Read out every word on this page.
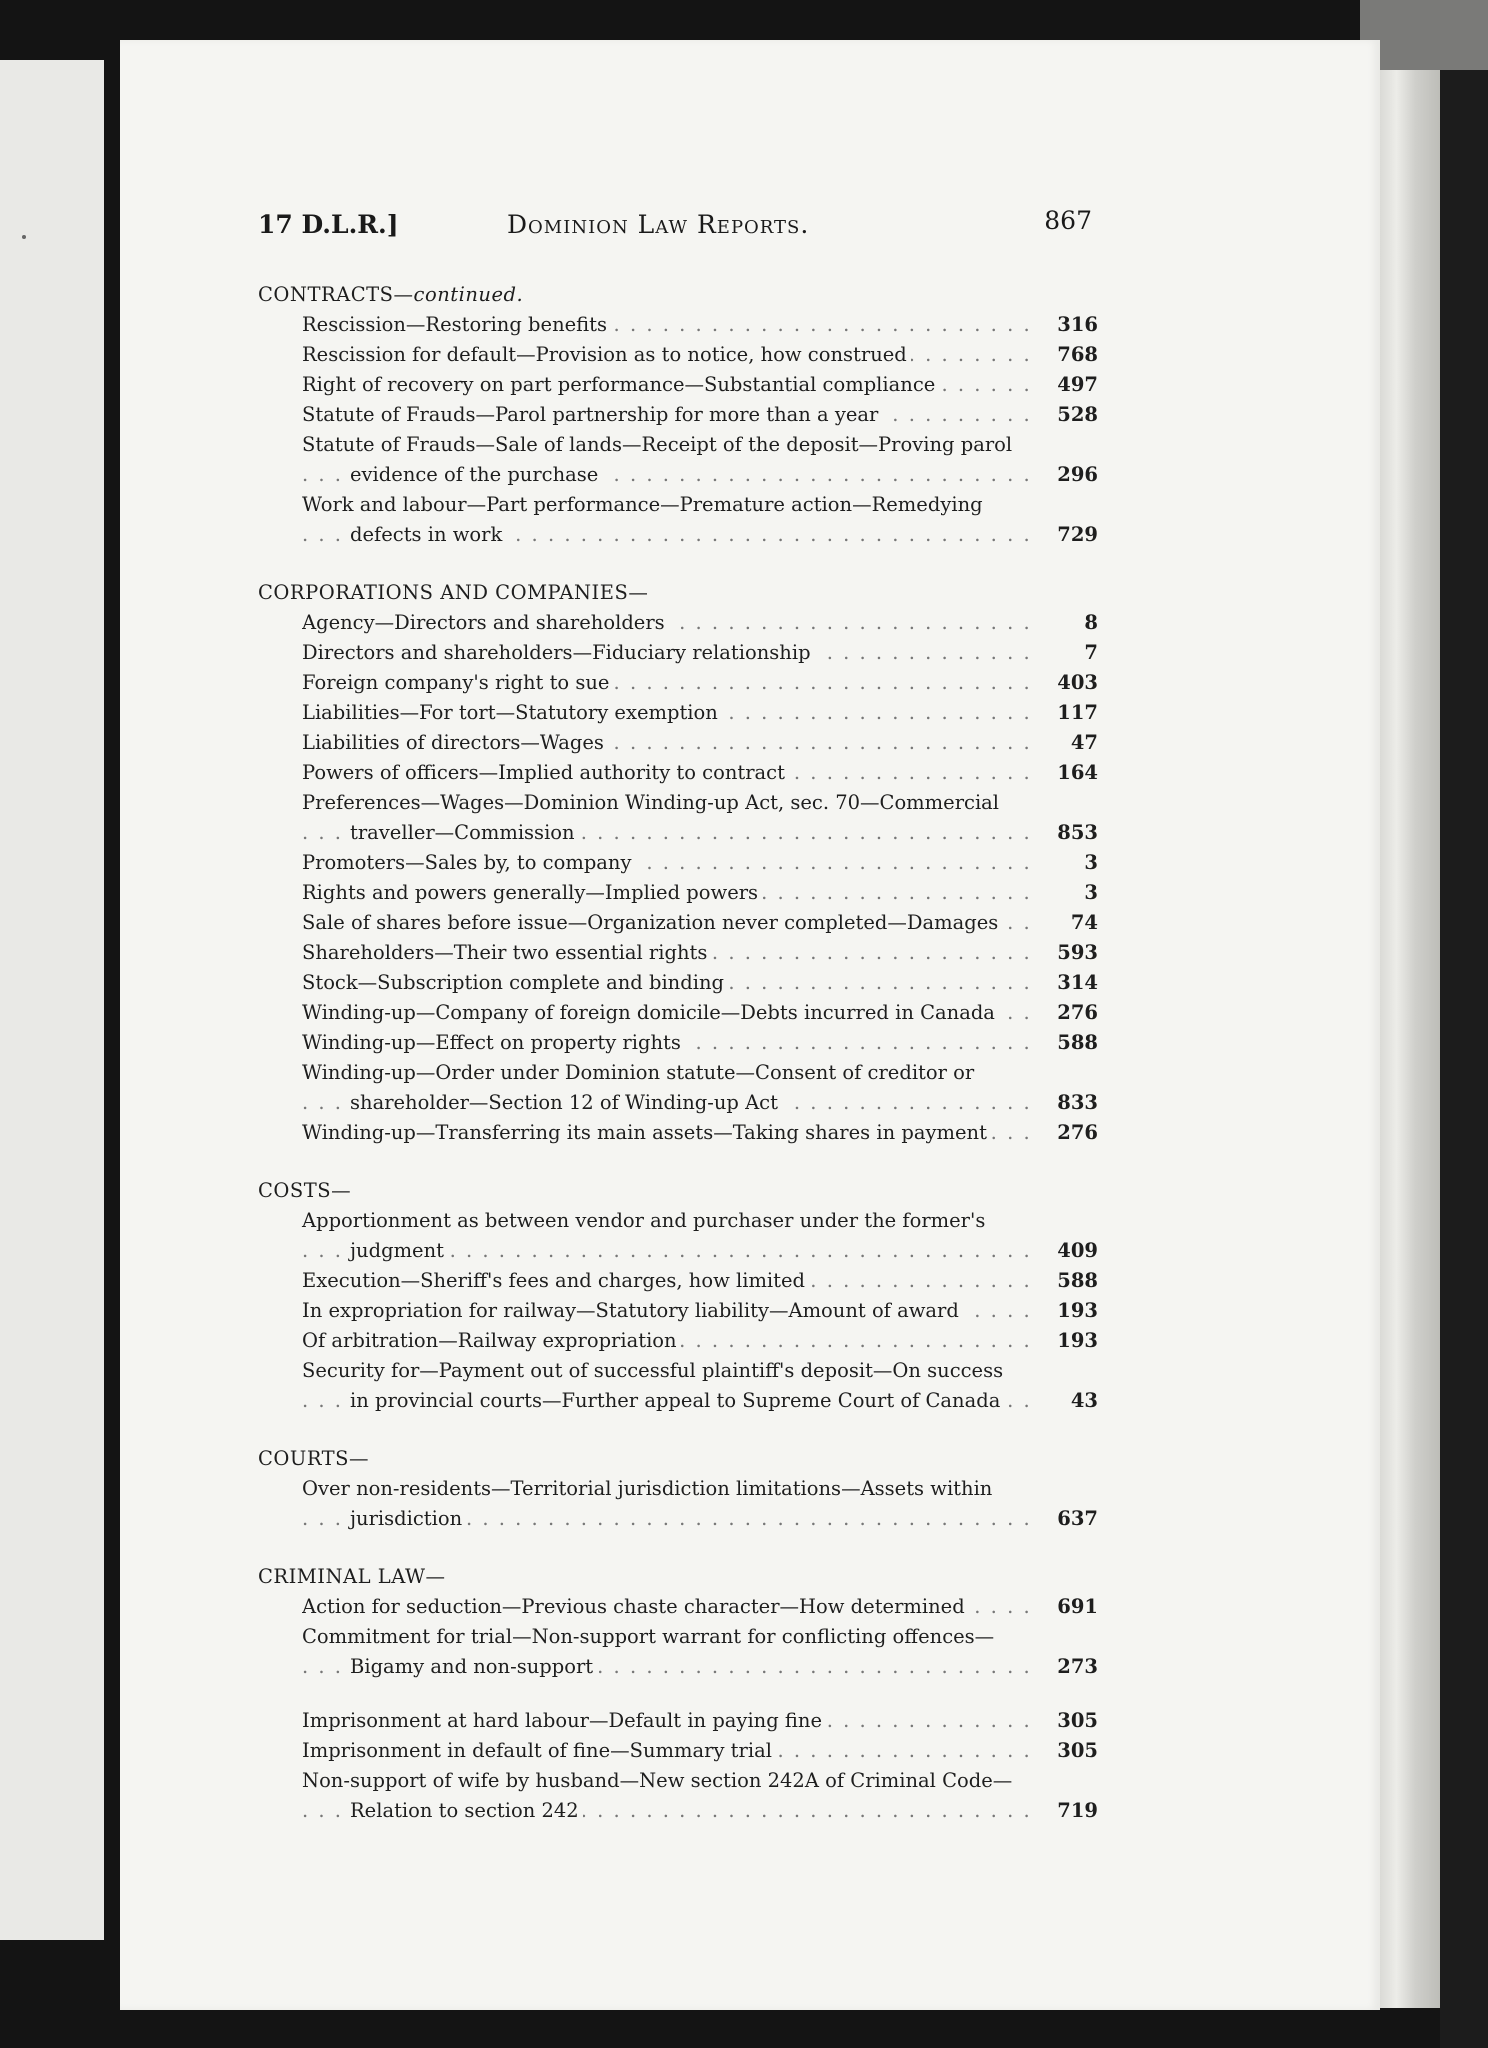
17 D.L.R.]	Dominion Law Reports.	867
CONTRACTS—continued.
Rescission—Restoring benefits . . .	316
Rescission for default—Provision as to notice, how construed . . .	768
Right of recovery on part performance—Substantial compliance . . .	497
Statute of Frauds—Parol partnership for more than a year . . .	528
Statute of Frauds—Sale of lands—Receipt of the deposit—Proving parol
evidence of the purchase . . .	296
Work and labour—Part performance—Premature action—Remedying
defects in work . . .	729
CORPORATIONS AND COMPANIES—
Agency—Directors and shareholders . . .	8
Directors and shareholders—Fiduciary relationship . . .	7
Foreign company's right to sue . . .	403
Liabilities—For tort—Statutory exemption . . .	117
Liabilities of directors—Wages . . .	47
Powers of officers—Implied authority to contract . . .	164
Preferences—Wages—Dominion Winding-up Act, sec. 70—Commercial
traveller—Commission . . .	853
Promoters—Sales by, to company . . .	3
Rights and powers generally—Implied powers . . .	3
Sale of shares before issue—Organization never completed—Damages . . .	74
Shareholders—Their two essential rights . . .	593
Stock—Subscription complete and binding . . .	314
Winding-up—Company of foreign domicile—Debts incurred in Canada . . .	276
Winding-up—Effect on property rights . . .	588
Winding-up—Order under Dominion statute—Consent of creditor or
shareholder—Section 12 of Winding-up Act . . .	833
Winding-up—Transferring its main assets—Taking shares in payment . . .	276
COSTS—
Apportionment as between vendor and purchaser under the former's
judgment . . .	409
Execution—Sheriff's fees and charges, how limited . . .	588
In expropriation for railway—Statutory liability—Amount of award . . .	193
Of arbitration—Railway expropriation . . .	193
Security for—Payment out of successful plaintiff's deposit—On success
in provincial courts—Further appeal to Supreme Court of Canada . . .	43
COURTS—
Over non-residents—Territorial jurisdiction limitations—Assets within
jurisdiction . . .	637
CRIMINAL LAW—
Action for seduction—Previous chaste character—How determined . . .	691
Commitment for trial—Non-support warrant for conflicting offences—
Bigamy and non-support . . .	273
Imprisonment at hard labour—Default in paying fine . . .	305
Imprisonment in default of fine—Summary trial . . .	305
Non-support of wife by husband—New section 242A of Criminal Code—
Relation to section 242 . . .	719
